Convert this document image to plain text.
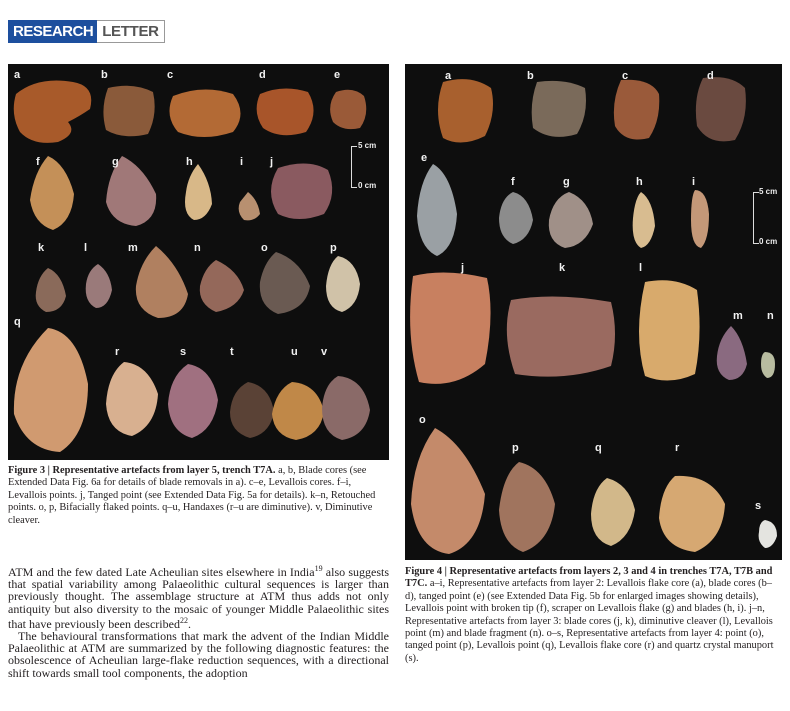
RESEARCH LETTER
a	b	c	d	e
f	g	h	i j
k	l	m	n	o	p
q
r	s	t	u v
5 cm
0 cm
Figure 3 | Representative artefacts from layer 5, trench T7A. a, b, Blade cores (see Extended Data Fig. 6a for details of blade removals in a). c–e, Levallois cores. f–i, Levallois points. j, Tanged point (see Extended Data Fig. 5a for details). k–n, Retouched points. o, p, Bifacially flaked points. q–u, Handaxes (r–u are diminutive). v, Diminutive cleaver.
a	b	c	d
e
f	g	h	i
j	k	l
m n
o
p	q	r
s
5 cm
0 cm
Figure 4 | Representative artefacts from layers 2, 3 and 4 in trenches T7A, T7B and T7C. a–i, Representative artefacts from layer 2: Levallois flake core (a), blade cores (b–d), tanged point (e) (see Extended Data Fig. 5b for enlarged images showing details), Levallois point with broken tip (f), scraper on Levallois flake (g) and blades (h, i). j–n, Representative artefacts from layer 3: blade cores (j, k), diminutive cleaver (l), Levallois point (m) and blade fragment (n). o–s, Representative artefacts from layer 4: point (o), tanged point (p), Levallois point (q), Levallois flake core (r) and quartz crystal manuport (s).

ATM and the few dated Late Acheulian sites elsewhere in India$^{19}$ also suggests that spatial variability among Palaeolithic cultural sequences is larger than previously thought. The assemblage structure at ATM thus adds not only antiquity but also diversity to the mosaic of younger Middle Palaeolithic sites that have previously been described$^{22}$.

The behavioural transformations that mark the advent of the Indian Middle Palaeolithic at ATM are summarized by the following diagnostic features: the obsolescence of Acheulian large-flake reduction sequences, with a directional shift towards small tool components, the adoption
